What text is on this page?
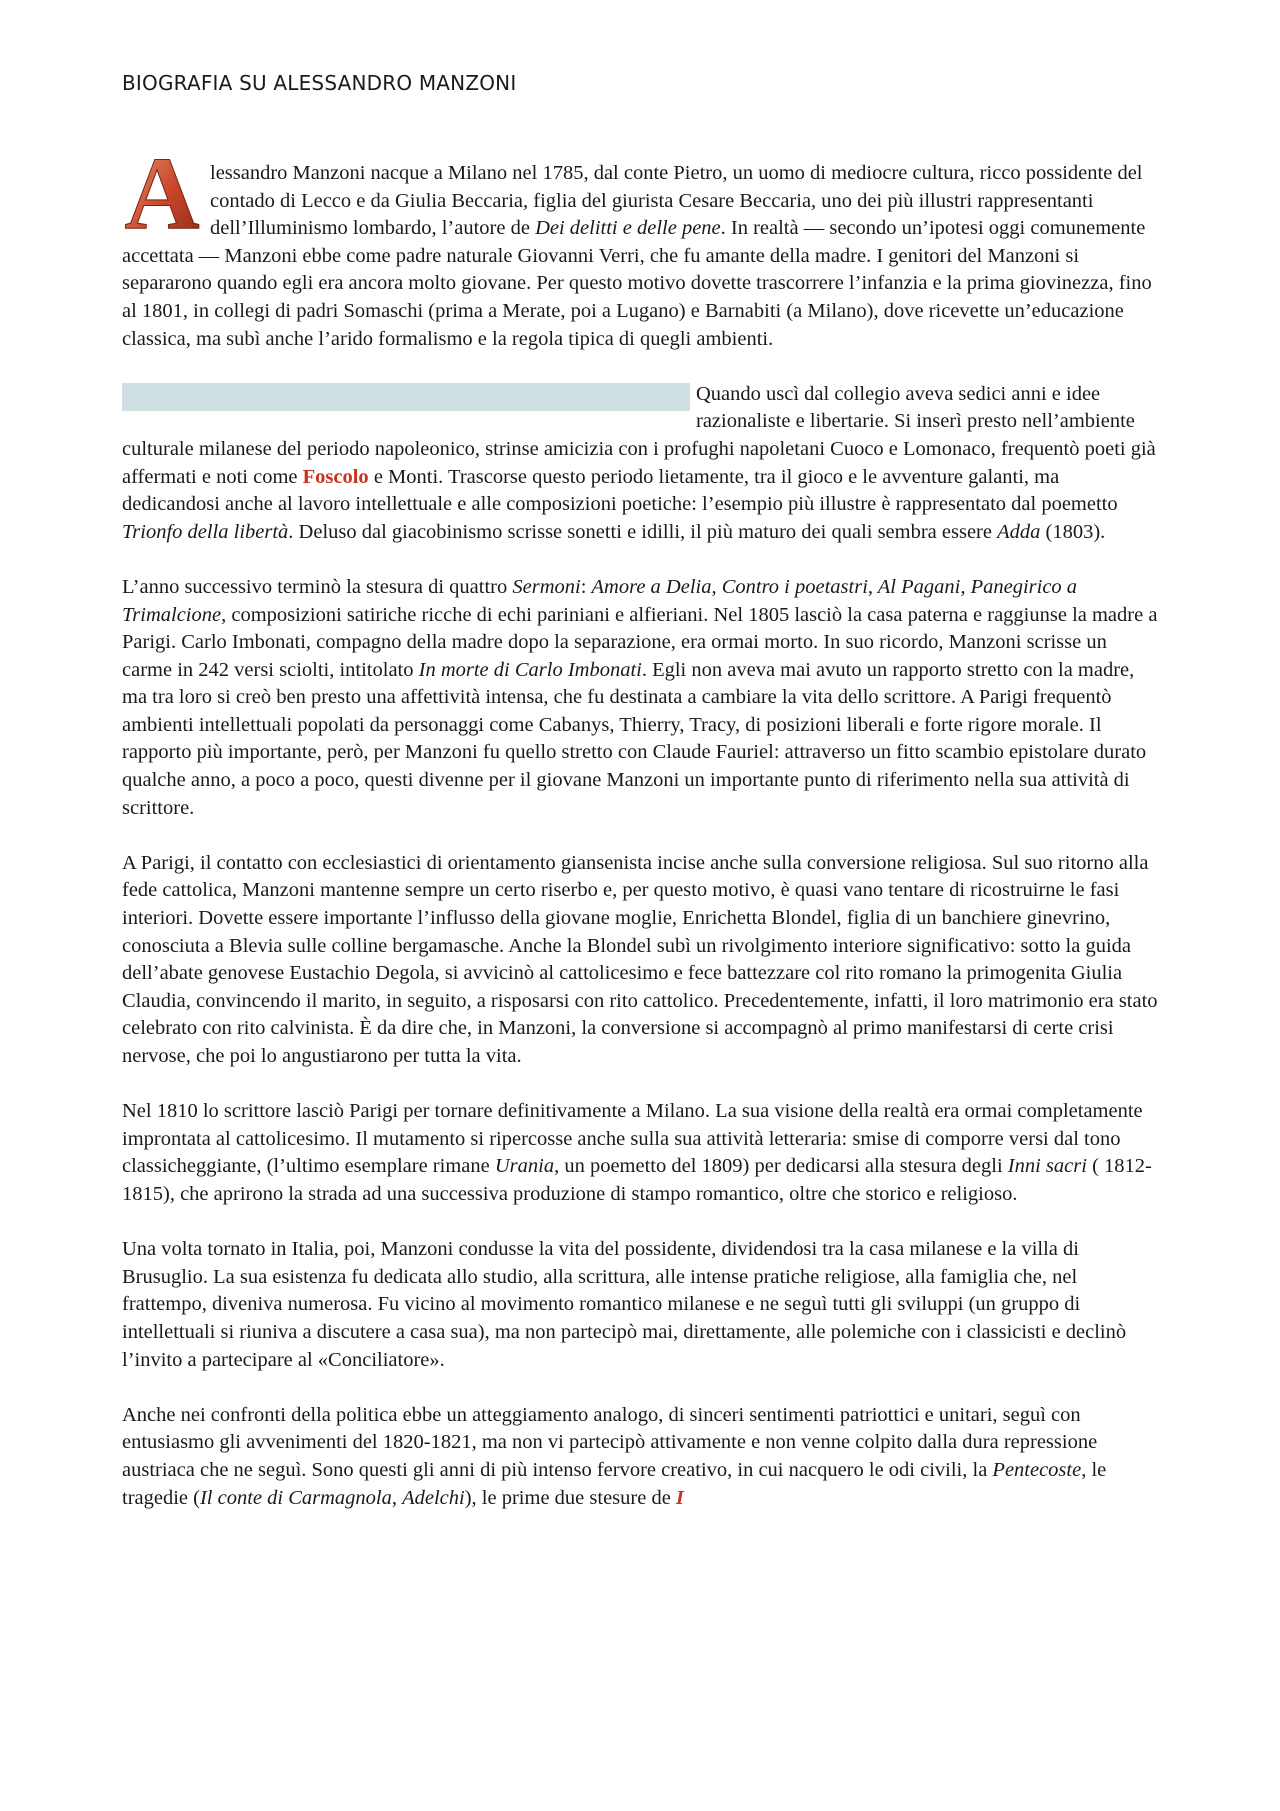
BIOGRAFIA SU ALESSANDRO MANZONI

A lessandro Manzoni nacque a Milano nel 1785, dal conte Pietro, un uomo di mediocre cultura, ricco possidente del contado di Lecco e da Giulia Beccaria, figlia del giurista Cesare Beccaria, uno dei più illustri rappresentanti dell’Illuminismo lombardo, l’autore de Dei delitti e delle pene. In realtà — secondo un’ipotesi oggi comunemente accettata — Manzoni ebbe come padre naturale Giovanni Verri, che fu amante della madre. I genitori del Manzoni si separarono quando egli era ancora molto giovane. Per questo motivo dovette trascorrere l’infanzia e la prima giovinezza, fino al 1801, in collegi di padri Somaschi (prima a Merate, poi a Lugano) e Barnabiti (a Milano), dove ricevette un’educazione classica, ma subì anche l’arido formalismo e la regola tipica di quegli ambienti.

Quando uscì dal collegio aveva sedici anni e idee razionaliste e libertarie. Si inserì presto nell’ambiente culturale milanese del periodo napoleonico, strinse amicizia con i profughi napoletani Cuoco e Lomonaco, frequentò poeti già affermati e noti come Foscolo e Monti. Trascorse questo periodo lietamente, tra il gioco e le avventure galanti, ma dedicandosi anche al lavoro intellettuale e alle composizioni poetiche: l’esempio più illustre è rappresentato dal poemetto Trionfo della libertà. Deluso dal giacobinismo scrisse sonetti e idilli, il più maturo dei quali sembra essere Adda (1803).

L’anno successivo terminò la stesura di quattro Sermoni: Amore a Delia, Contro i poetastri, Al Pagani, Panegirico a Trimalcione, composizioni satiriche ricche di echi pariniani e alfieriani. Nel 1805 lasciò la casa paterna e raggiunse la madre a Parigi. Carlo Imbonati, compagno della madre dopo la separazione, era ormai morto. In suo ricordo, Manzoni scrisse un carme in 242 versi sciolti, intitolato In morte di Carlo Imbonati. Egli non aveva mai avuto un rapporto stretto con la madre, ma tra loro si creò ben presto una affettività intensa, che fu destinata a cambiare la vita dello scrittore. A Parigi frequentò ambienti intellettuali popolati da personaggi come Cabanys, Thierry, Tracy, di posizioni liberali e forte rigore morale. Il rapporto più importante, però, per Manzoni fu quello stretto con Claude Fauriel: attraverso un fitto scambio epistolare durato qualche anno, a poco a poco, questi divenne per il giovane Manzoni un importante punto di riferimento nella sua attività di scrittore.

A Parigi, il contatto con ecclesiastici di orientamento giansenista incise anche sulla conversione religiosa. Sul suo ritorno alla fede cattolica, Manzoni mantenne sempre un certo riserbo e, per questo motivo, è quasi vano tentare di ricostruirne le fasi interiori. Dovette essere importante l’influsso della giovane moglie, Enrichetta Blondel, figlia di un banchiere ginevrino, conosciuta a Blevia sulle colline bergamasche. Anche la Blondel subì un rivolgimento interiore significativo: sotto la guida dell’abate genovese Eustachio Degola, si avvicinò al cattolicesimo e fece battezzare col rito romano la primogenita Giulia Claudia, convincendo il marito, in seguito, a risposarsi con rito cattolico. Precedentemente, infatti, il loro matrimonio era stato celebrato con rito calvinista. È da dire che, in Manzoni, la conversione si accompagnò al primo manifestarsi di certe crisi nervose, che poi lo angustiarono per tutta la vita.

Nel 1810 lo scrittore lasciò Parigi per tornare definitivamente a Milano. La sua visione della realtà era ormai completamente improntata al cattolicesimo. Il mutamento si ripercosse anche sulla sua attività letteraria: smise di comporre versi dal tono classicheggiante, (l’ultimo esemplare rimane Urania, un poemetto del 1809) per dedicarsi alla stesura degli Inni sacri ( 1812-1815), che aprirono la strada ad una successiva produzione di stampo romantico, oltre che storico e religioso.

Una volta tornato in Italia, poi, Manzoni condusse la vita del possidente, dividendosi tra la casa milanese e la villa di Brusuglio. La sua esistenza fu dedicata allo studio, alla scrittura, alle intense pratiche religiose, alla famiglia che, nel frattempo, diveniva numerosa. Fu vicino al movimento romantico milanese e ne seguì tutti gli sviluppi (un gruppo di intellettuali si riuniva a discutere a casa sua), ma non partecipò mai, direttamente, alle polemiche con i classicisti e declinò l’invito a partecipare al «Conciliatore».

Anche nei confronti della politica ebbe un atteggiamento analogo, di sinceri sentimenti patriottici e unitari, seguì con entusiasmo gli avvenimenti del 1820-1821, ma non vi partecipò attivamente e non venne colpito dalla dura repressione austriaca che ne seguì. Sono questi gli anni di più intenso fervore creativo, in cui nacquero le odi civili, la Pentecoste, le tragedie (Il conte di Carmagnola, Adelchi), le prime due stesure de I
